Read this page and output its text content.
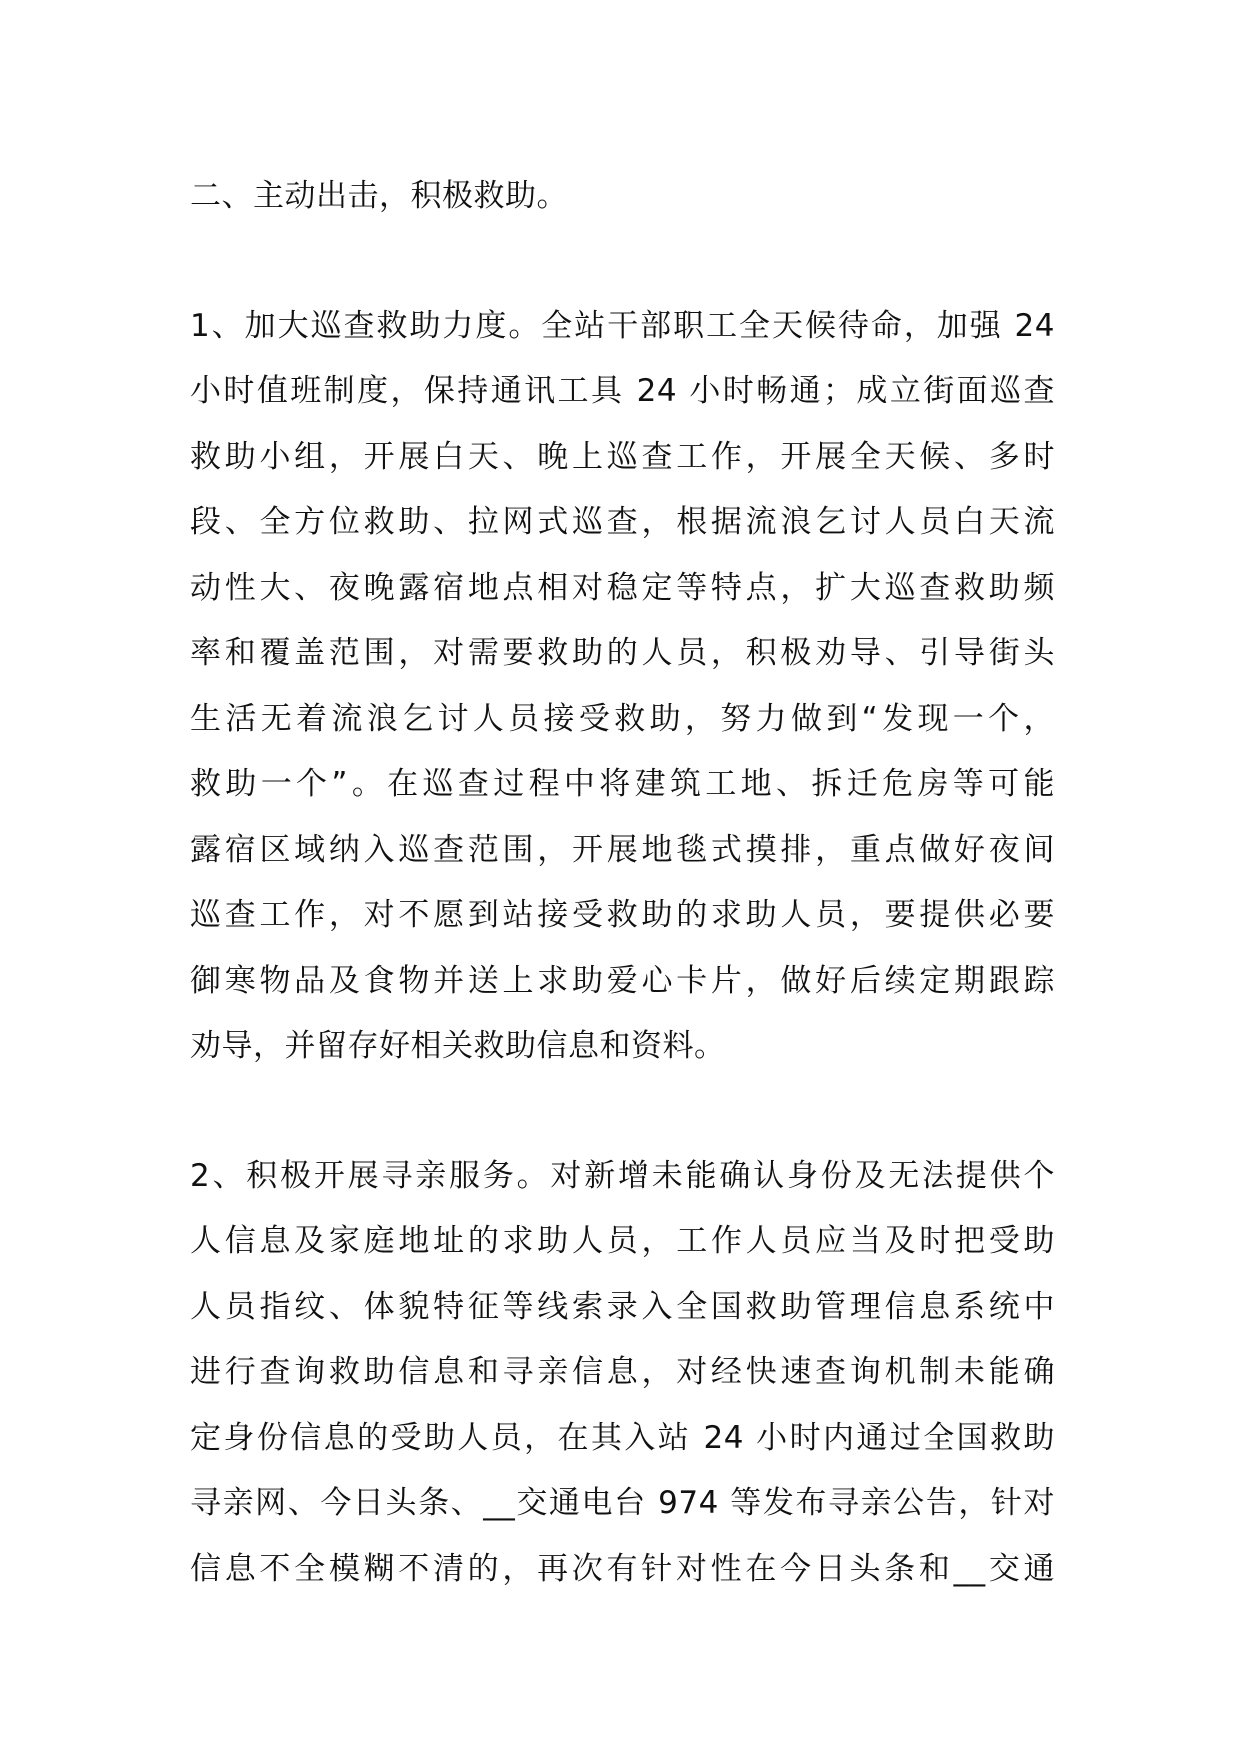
二、主动出击，积极救助。

1、加大巡查救助力度。全站干部职工全天候待命，加强 24
小时值班制度，保持通讯工具 24 小时畅通；成立街面巡查
救助小组，开展白天、晚上巡查工作，开展全天候、多时
段、全方位救助、拉网式巡查，根据流浪乞讨人员白天流
动性大、夜晚露宿地点相对稳定等特点，扩大巡查救助频
率和覆盖范围，对需要救助的人员，积极劝导、引导街头
生活无着流浪乞讨人员接受救助，努力做到“发现一个，
救助一个”。在巡查过程中将建筑工地、拆迁危房等可能
露宿区域纳入巡查范围，开展地毯式摸排，重点做好夜间
巡查工作，对不愿到站接受救助的求助人员，要提供必要
御寒物品及食物并送上求助爱心卡片，做好后续定期跟踪
劝导，并留存好相关救助信息和资料。

2、积极开展寻亲服务。对新增未能确认身份及无法提供个
人信息及家庭地址的求助人员，工作人员应当及时把受助
人员指纹、体貌特征等线索录入全国救助管理信息系统中
进行查询救助信息和寻亲信息，对经快速查询机制未能确
定身份信息的受助人员，在其入站 24 小时内通过全国救助
寻亲网、今日头条、__交通电台 974 等发布寻亲公告，针对
信息不全模糊不清的，再次有针对性在今日头条和__交通
